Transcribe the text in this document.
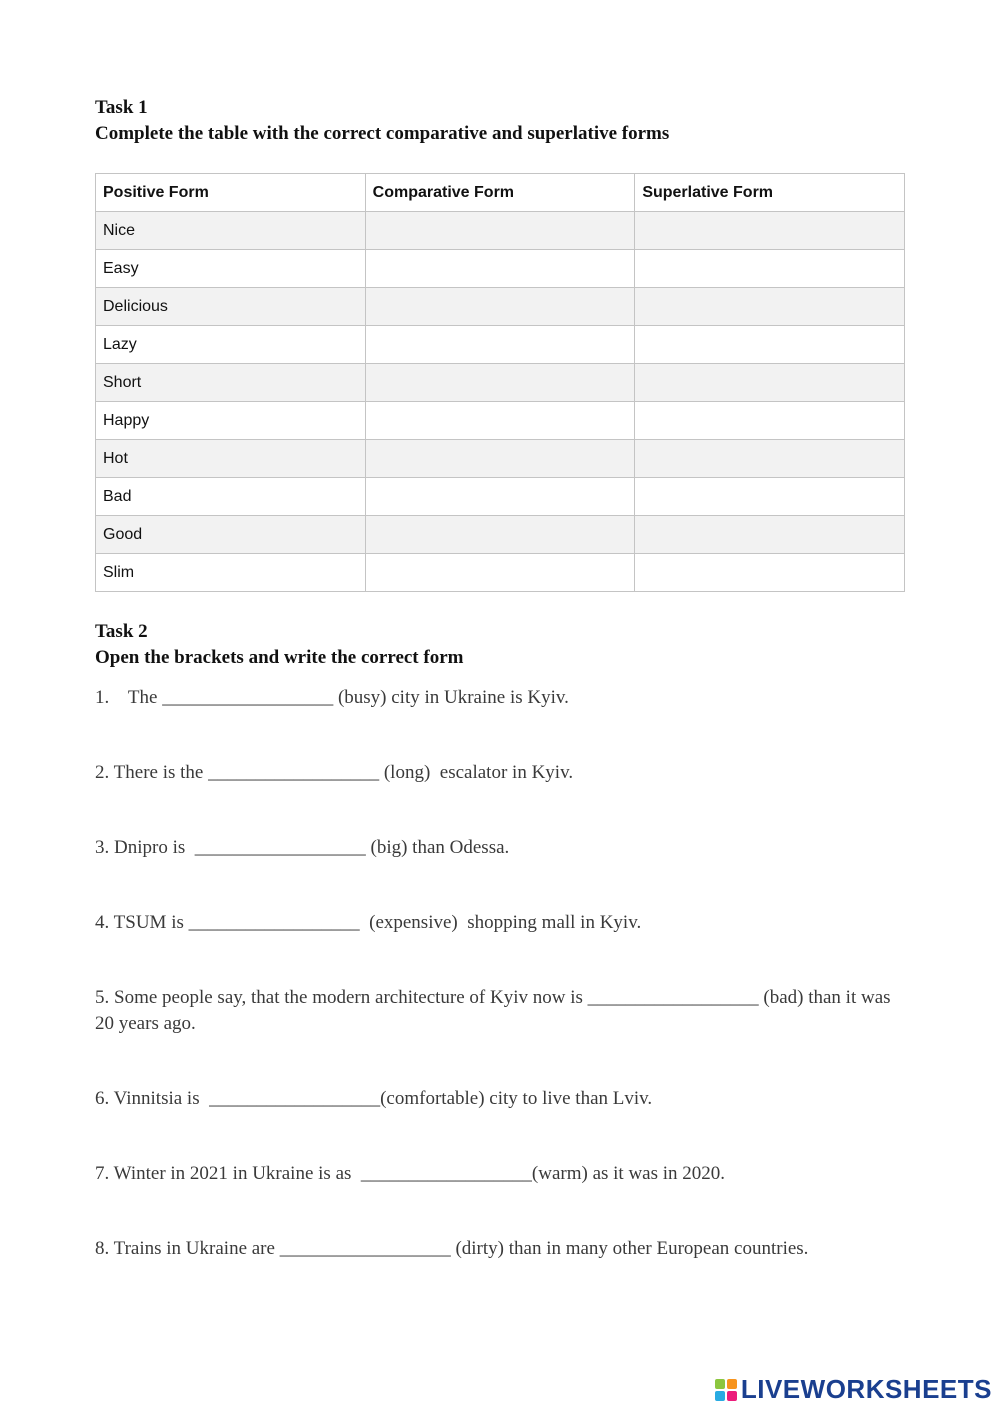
Task 1

Complete the table with the correct comparative and superlative forms

Positive Form	Comparative Form	Superlative Form
Nice		
Easy		
Delicious		
Lazy		
Short		
Happy		
Hot		
Bad		
Good		
Slim		

Task 2

Open the brackets and write the correct form

1.    The __________________ (busy) city in Ukraine is Kyiv.

2. There is the __________________ (long)  escalator in Kyiv.

3. Dnipro is  __________________ (big) than Odessa.

4. TSUM is __________________  (expensive)  shopping mall in Kyiv.

5. Some people say, that the modern architecture of Kyiv now is __________________ (bad) than it was 20 years ago.

6. Vinnitsia is  __________________(comfortable) city to live than Lviv.

7. Winter in 2021 in Ukraine is as  __________________(warm) as it was in 2020.

8. Trains in Ukraine are __________________ (dirty) than in many other European countries.

LIVEWORKSHEETS
